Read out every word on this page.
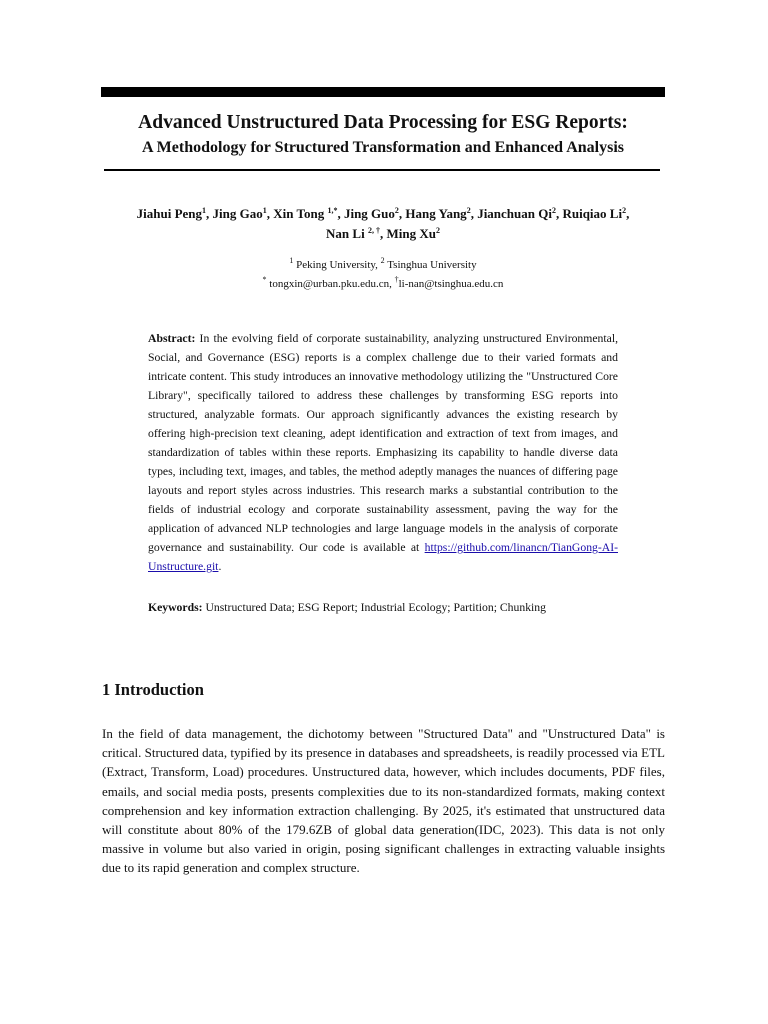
Advanced Unstructured Data Processing for ESG Reports:
A Methodology for Structured Transformation and Enhanced Analysis
Jiahui Peng$^1$, Jing Gao$^1$, Xin Tong $^{1,*}$, Jing Guo$^2$, Hang Yang$^2$, Jianchuan Qi$^2$, Ruiqiao Li$^2$,
Nan Li $^{2, \dagger}$, Ming Xu$^2$
$^1$ Peking University, $^2$ Tsinghua University
* tongxin@urban.pku.edu.cn, †li-nan@tsinghua.edu.cn
Abstract: In the evolving field of corporate sustainability, analyzing unstructured Environmental, Social, and Governance (ESG) reports is a complex challenge due to their varied formats and intricate content. This study introduces an innovative methodology utilizing the "Unstructured Core Library", specifically tailored to address these challenges by transforming ESG reports into structured, analyzable formats. Our approach significantly advances the existing research by offering high-precision text cleaning, adept identification and extraction of text from images, and standardization of tables within these reports. Emphasizing its capability to handle diverse data types, including text, images, and tables, the method adeptly manages the nuances of differing page layouts and report styles across industries. This research marks a substantial contribution to the fields of industrial ecology and corporate sustainability assessment, paving the way for the application of advanced NLP technologies and large language models in the analysis of corporate governance and sustainability. Our code is available at https://github.com/linancn/TianGong-AI-Unstructure.git.
Keywords: Unstructured Data; ESG Report; Industrial Ecology; Partition; Chunking
1 Introduction
In the field of data management, the dichotomy between "Structured Data" and "Unstructured Data" is critical. Structured data, typified by its presence in databases and spreadsheets, is readily processed via ETL (Extract, Transform, Load) procedures. Unstructured data, however, which includes documents, PDF files, emails, and social media posts, presents complexities due to its non-standardized formats, making context comprehension and key information extraction challenging. By 2025, it's estimated that unstructured data will constitute about 80% of the 179.6ZB of global data generation(IDC, 2023). This data is not only massive in volume but also varied in origin, posing significant challenges in extracting valuable insights due to its rapid generation and complex structure.
